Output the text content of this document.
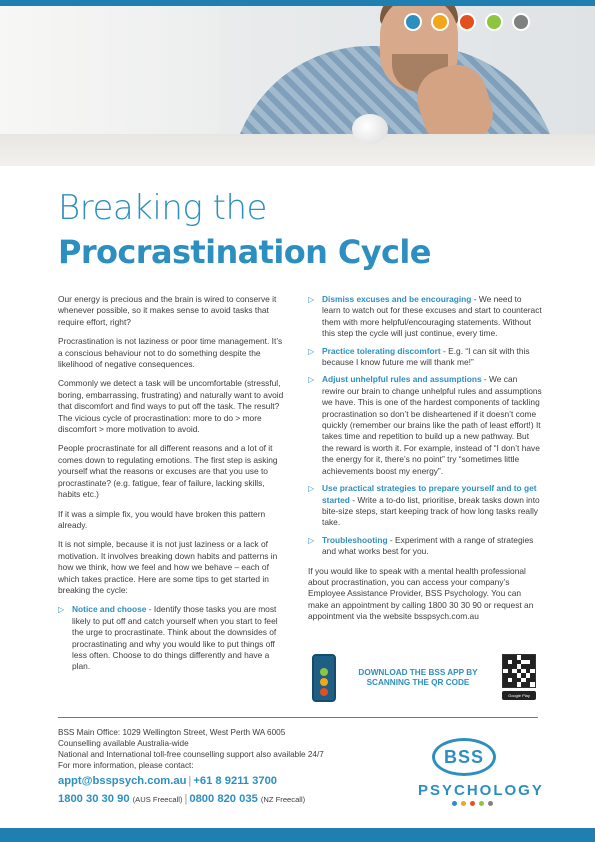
Breaking the
Procrastination Cycle

Our energy is precious and the brain is wired to conserve it whenever possible, so it makes sense to avoid tasks that require effort, right?

Procrastination is not laziness or poor time management. It’s a conscious behaviour not to do something despite the likelihood of negative consequences.

Commonly we detect a task will be uncomfortable (stressful, boring, embarrassing, frustrating) and naturally want to avoid that discomfort and find ways to put off the task. The result? The vicious cycle of procrastination: more to do > more discomfort > more motivation to avoid.

People procrastinate for all different reasons and a lot of it comes down to regulating emotions. The first step is asking yourself what the reasons or excuses are that you use to procrastinate? (e.g. fatigue, fear of failure, lacking skills, habits etc.)

If it was a simple fix, you would have broken this pattern already.

It is not simple, because it is not just laziness or a lack of motivation. It involves breaking down habits and patterns in how we think, how we feel and how we behave – each of which takes practice. Here are some tips to get started in breaking the cycle:

▷ Notice and choose - Identify those tasks you are most likely to put off and catch yourself when you start to feel the urge to procrastinate. Think about the downsides of procrastinating and why you would like to put things off less often. Choose to do things differently and have a plan.
▷ Dismiss excuses and be encouraging - We need to learn to watch out for these excuses and start to counteract them with more helpful/encouraging statements. Without this step the cycle will just continue, every time.
▷ Practice tolerating discomfort - E.g. “I can sit with this because I know future me will thank me!”
▷ Adjust unhelpful rules and assumptions - We can rewire our brain to change unhelpful rules and assumptions we have. This is one of the hardest components of tackling procrastination so don’t be disheartened if it doesn’t come quickly (remember our brains like the path of least effort!) It takes time and repetition to build up a new pathway. But the reward is worth it. For example, instead of “I don’t have the energy for it, there’s no point” try “sometimes little achievements boost my energy”.
▷ Use practical strategies to prepare yourself and to get started - Write a to-do list, prioritise, break tasks down into bite-size steps, start keeping track of how long tasks really take.
▷ Troubleshooting - Experiment with a range of strategies and what works best for you.

If you would like to speak with a mental health professional about procrastination, you can access your company’s Employee Assistance Provider, BSS Psychology. You can make an appointment by calling 1800 30 30 90 or request an appointment via the website bsspsych.com.au

DOWNLOAD THE BSS APP BY SCANNING THE QR CODE
Google Play
BSS Main Office: 1029 Wellington Street, West Perth WA 6005
Counselling available Australia-wide
National and International toll-free counselling support also available 24/7
For more information, please contact:
appt@bsspsych.com.au | +61 8 9211 3700
1800 30 30 90 (AUS Freecall) | 0800 820 035 (NZ Freecall)
BSS
PSYCHOLOGY
